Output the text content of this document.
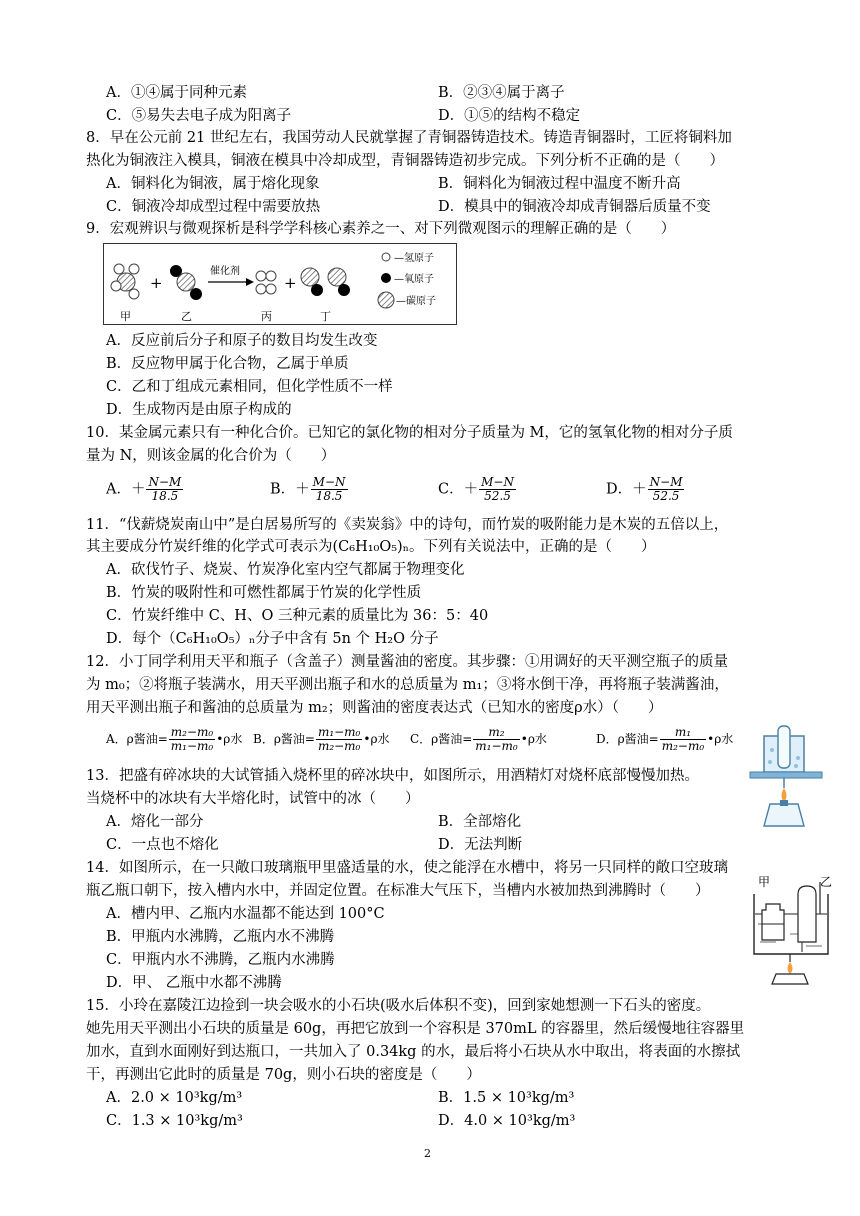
A．①④属于同种元素	B．②③④属于离子
C．⑤易失去电子成为阳离子	D．①⑤的结构不稳定
8．早在公元前 21 世纪左右，我国劳动人民就掌握了青铜器铸造技术。铸造青铜器时，工匠将铜料加
热化为铜液注入模具，铜液在模具中冷却成型，青铜器铸造初步完成。下列分析不正确的是（　　）
A．铜料化为铜液，属于熔化现象	B．铜料化为铜液过程中温度不断升高
C．铜液冷却成型过程中需要放热	D．模具中的铜液冷却成青铜器后质量不变
9．宏观辨识与微观探析是科学学科核心素养之一、对下列微观图示的理解正确的是（　　）
+
催化剂
+
甲	乙	丙	丁
—氢原子
—氧原子
—碳原子
A．反应前后分子和原子的数目均发生改变
B．反应物甲属于化合物，乙属于单质
C．乙和丁组成元素相同，但化学性质不一样
D．生成物丙是由原子构成的
10．某金属元素只有一种化合价。已知它的氯化物的相对分子质量为 M，它的氢氧化物的相对分子质
量为 N，则该金属的化合价为（　　）
A．＋ $\frac{N-M}{18.5}$	B．＋ $\frac{M-N}{18.5}$	C．＋ $\frac{M-N}{52.5}$	D．＋ $\frac{N-M}{52.5}$
11．“伐薪烧炭南山中”是白居易所写的《卖炭翁》中的诗句，而竹炭的吸附能力是木炭的五倍以上，
其主要成分竹炭纤维的化学式可表示为(C₆H₁₀O₅)ₙ。下列有关说法中，正确的是（　　）
A．砍伐竹子、烧炭、竹炭净化室内空气都属于物理变化
B．竹炭的吸附性和可燃性都属于竹炭的化学性质
C．竹炭纤维中 C、H、O 三种元素的质量比为 36：5：40
D．每个（C₆H₁₀O₅）ₙ分子中含有 5n 个 H₂O 分子
12．小丁同学利用天平和瓶子（含盖子）测量酱油的密度。其步骤：①用调好的天平测空瓶子的质量
为 m₀；②将瓶子装满水，用天平测出瓶子和水的总质量为 m₁；③将水倒干净，再将瓶子装满酱油，
用天平测出瓶子和酱油的总质量为 m₂；则酱油的密度表达式（已知水的密度ρ水）（　　）
A．ρ酱油= $\frac{\text{m₂−m₀}}{\text{m₁−m₀}}$ •ρ水 B．ρ酱油= $\frac{\text{m₁−m₀}}{\text{m₂−m₀}}$ •ρ水 C．ρ酱油= $\frac{\text{m₂}}{\text{m₁−m₀}}$ •ρ水	D．ρ酱油= $\frac{\text{m₁}}{\text{m₂−m₀}}$ •ρ水
13．把盛有碎冰块的大试管插入烧杯里的碎冰块中，如图所示，用酒精灯对烧杯底部慢慢加热。
当烧杯中的冰块有大半熔化时，试管中的冰（　　）
A．熔化一部分	B．全部熔化
C．一点也不熔化	D．无法判断
14．如图所示，在一只敞口玻璃瓶甲里盛适量的水，使之能浮在水槽中，将另一只同样的敞口空玻璃
瓶乙瓶口朝下，按入槽内水中，并固定位置。在标准大气压下，当槽内水被加热到沸腾时（　　）
A．槽内甲、乙瓶内水温都不能达到 100°C
B．甲瓶内水沸腾，乙瓶内水不沸腾
C．甲瓶内水不沸腾，乙瓶内水沸腾
D．甲、 乙瓶中水都不沸腾
甲	乙
15．小玲在嘉陵江边捡到一块会吸水的小石块(吸水后体积不变)，回到家她想测一下石头的密度。
她先用天平测出小石块的质量是 60g，再把它放到一个容积是 370mL 的容器里，然后缓慢地往容器里
加水，直到水面刚好到达瓶口，一共加入了 0.34kg 的水，最后将小石块从水中取出，将表面的水擦拭
干，再测出它此时的质量是 70g，则小石块的密度是（　　）
A．2.0 × 10³kg/m³	B．1.5 × 10³kg/m³
C．1.3 × 10³kg/m³	D．4.0 × 10³kg/m³
2
